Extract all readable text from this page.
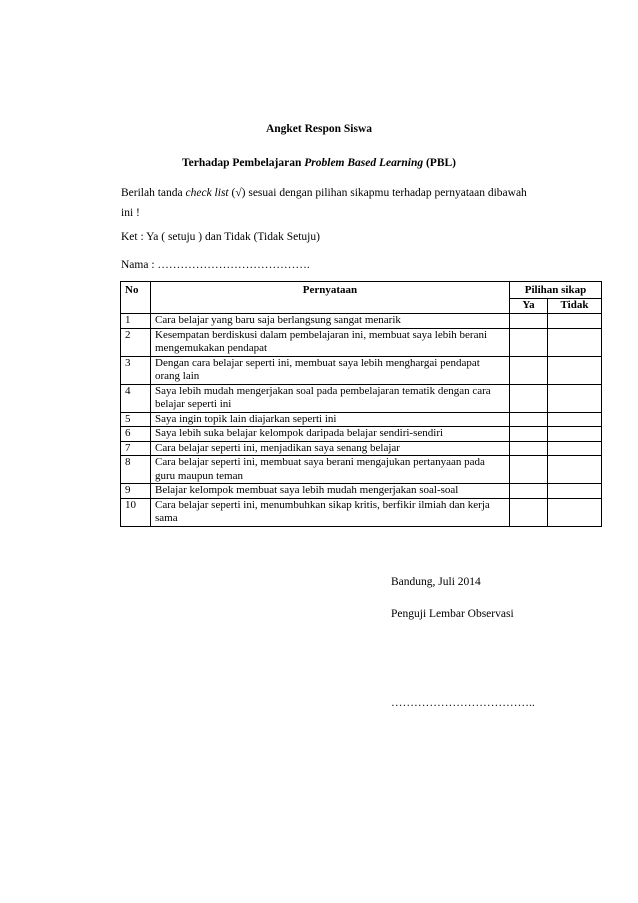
Angket Respon Siswa
Terhadap Pembelajaran Problem Based Learning (PBL)
Berilah tanda check list (√) sesuai dengan pilihan sikapmu terhadap pernyataan dibawah ini !
Ket : Ya ( setuju ) dan Tidak (Tidak Setuju)
Nama : ………………………………….
No	Pernyataan	Pilihan sikap	
		Ya	Tidak
1	Cara belajar yang baru saja berlangsung sangat menarik		
2	Kesempatan berdiskusi dalam pembelajaran ini, membuat saya lebih berani mengemukakan pendapat		
3	Dengan cara belajar seperti ini, membuat saya lebih menghargai pendapat orang lain		
4	Saya lebih mudah mengerjakan soal pada pembelajaran tematik dengan cara belajar seperti ini		
5	Saya ingin topik lain diajarkan seperti ini		
6	Saya lebih suka belajar kelompok daripada belajar sendiri-sendiri		
7	Cara belajar seperti ini, menjadikan saya senang belajar		
8	Cara belajar seperti ini, membuat saya berani mengajukan pertanyaan pada guru maupun teman		
9	Belajar kelompok membuat saya lebih mudah mengerjakan soal-soal		
10	Cara belajar seperti ini, menumbuhkan sikap kritis, berfikir ilmiah dan kerja sama		
Bandung, Juli 2014
Penguji Lembar Observasi
………………………………..
